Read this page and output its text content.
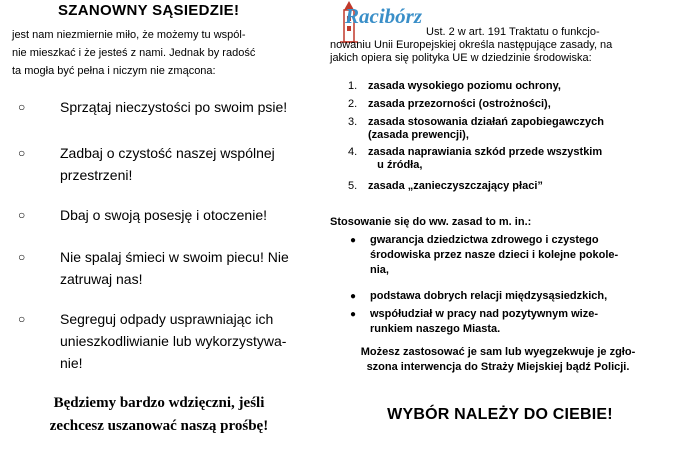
SZANOWNY SĄSIEDZIE!
jest nam niezmiernie miło, że możemy tu wspól-
nie mieszkać i że jesteś z nami. Jednak by radość
ta mogła być pełna i niczym nie zmącona:
○ Sprzątaj nieczystości po swoim psie!
○ Zadbaj o czystość naszej wspólnej
przestrzeni!
○ Dbaj o swoją posesję i otoczenie!
○ Nie spalaj śmieci w swoim piecu! Nie
zatruwaj nas!
○ Segreguj odpady usprawniając ich
unieszkodliwianie lub wykorzystywa-
nie!
Będziemy bardzo wdzięczni, jeśli
zechcesz uszanować naszą prośbę!
Racibórz
Ust. 2 w art. 191 Traktatu o funkcjo-
nowaniu Unii Europejskiej określa następujące zasady, na
jakich opiera się polityka UE w dziedzinie środowiska:
1. zasada wysokiego poziomu ochrony,
2. zasada przezorności (ostrożności),
3. zasada stosowania działań zapobiegawczych
(zasada prewencji),
4. zasada naprawiania szkód przede wszystkim
u źródła,
5. zasada „zanieczyszczający płaci”
Stosowanie się do ww. zasad to m. in.:
● gwarancja dziedzictwa zdrowego i czystego
środowiska przez nasze dzieci i kolejne pokole-
nia,
● podstawa dobrych relacji międzysąsiedzkich,
● współudział w pracy nad pozytywnym wize-
runkiem naszego Miasta.
Możesz zastosować je sam lub wyegzekwuje je zgło-
szona interwencja do Straży Miejskiej bądź Policji.
WYBÓR NALEŻY DO CIEBIE!
